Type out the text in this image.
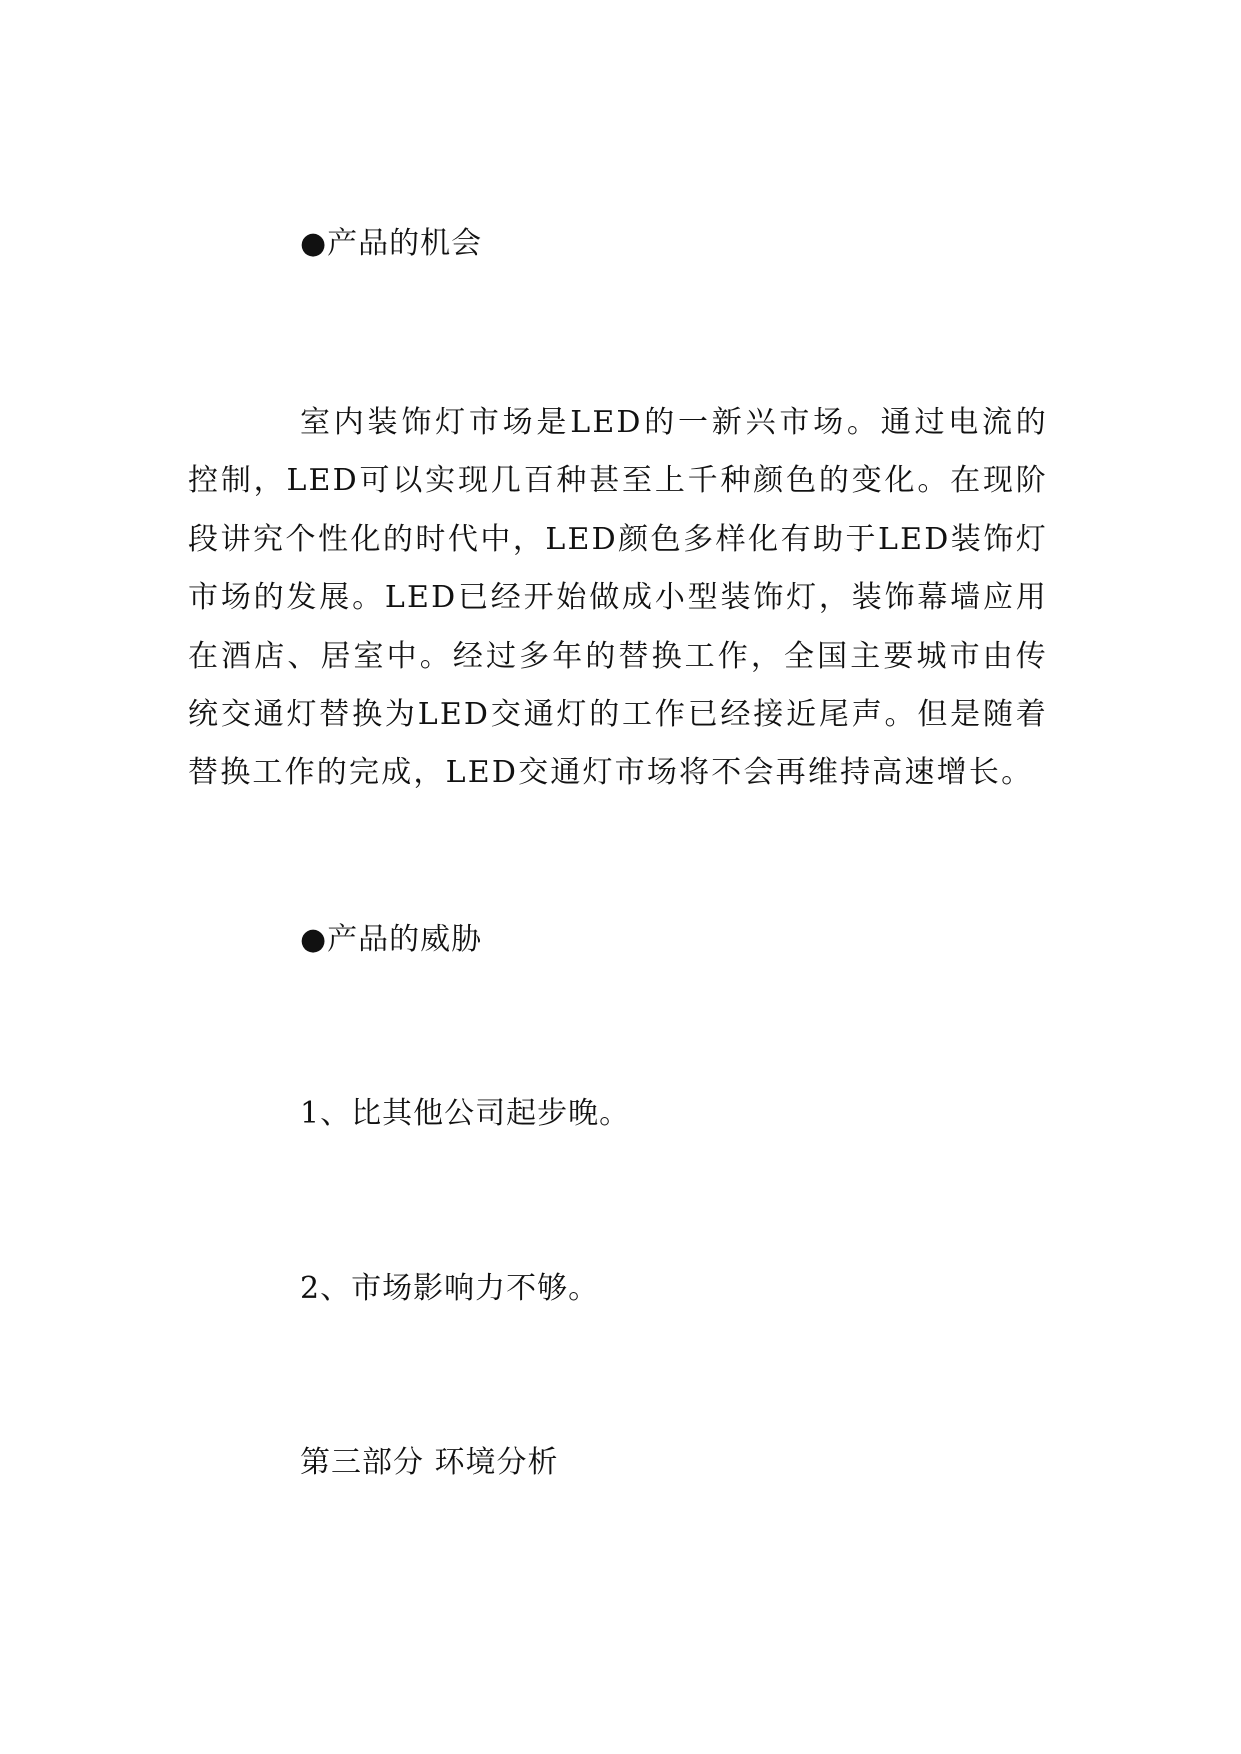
●产品的机会
室内装饰灯市场是LED的一新兴市场。通过电流的控制，LED可以实现几百种甚至上千种颜色的变化。在现阶段讲究个性化的时代中，LED颜色多样化有助于LED装饰灯市场的发展。LED已经开始做成小型装饰灯，装饰幕墙应用在酒店、居室中。经过多年的替换工作，全国主要城市由传统交通灯替换为LED交通灯的工作已经接近尾声。但是随着替换工作的完成，LED交通灯市场将不会再维持高速增长。
●产品的威胁
1、比其他公司起步晚。
2、市场影响力不够。
第三部分 环境分析
